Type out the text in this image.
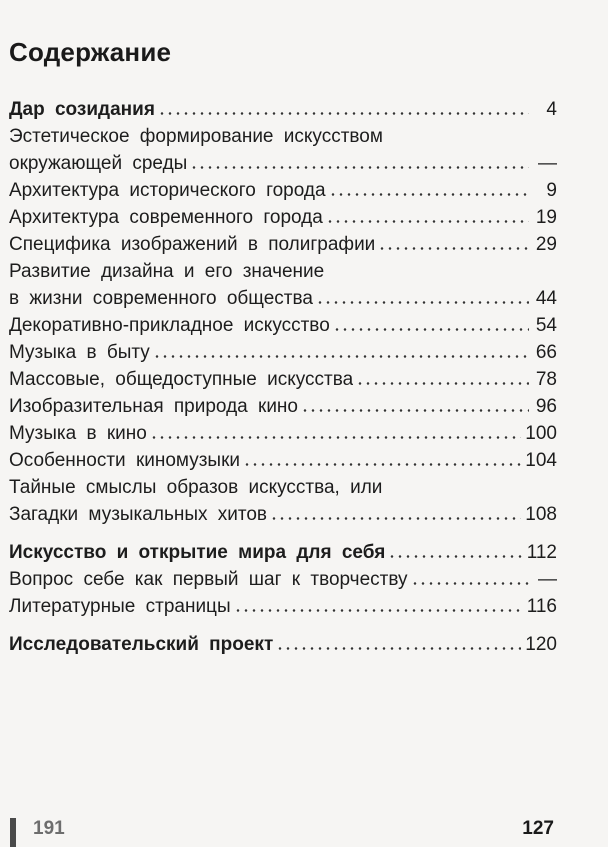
Содержание
Дар созидания	4
Эстетическое формирование искусством
окружающей среды	—
Архитектура исторического города	9
Архитектура современного города	19
Специфика изображений в полиграфии	29
Развитие дизайна и его значение
в жизни современного общества	44
Декоративно-прикладное искусство	54
Музыка в быту	66
Массовые, общедоступные искусства	78
Изобразительная природа кино	96
Музыка в кино	100
Особенности киномузыки	104
Тайные смыслы образов искусства, или
Загадки музыкальных хитов	108
Искусство и открытие мира для себя	112
Вопрос себе как первый шаг к творчеству	—
Литературные страницы	116
Исследовательский проект	120
191	127
